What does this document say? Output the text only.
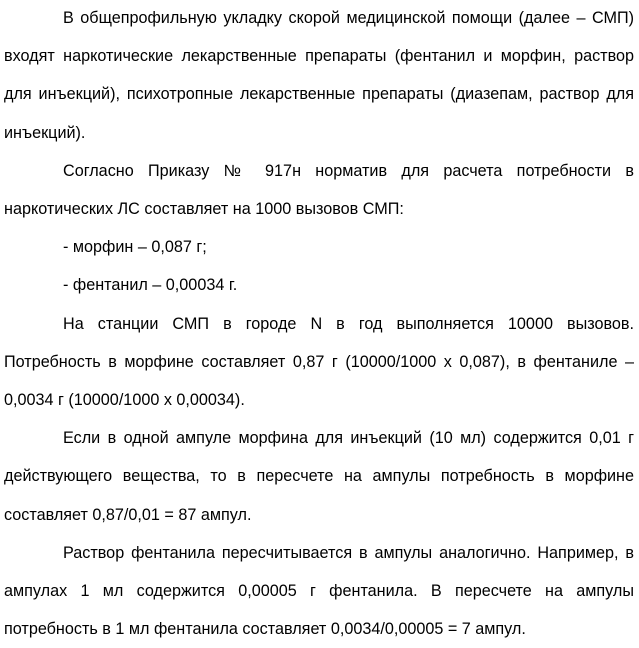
В общепрофильную укладку скорой медицинской помощи (далее – СМП) входят наркотические лекарственные препараты (фентанил и морфин, раствор для инъекций), психотропные лекарственные препараты (диазепам, раствор для инъекций).

Согласно Приказу № 917н норматив для расчета потребности в наркотических ЛС составляет на 1000 вызовов СМП:

- морфин – 0,087 г;

- фентанил – 0,00034 г.

На станции СМП в городе N в год выполняется 10000 вызовов. Потребность в морфине составляет 0,87 г (10000/1000 х 0,087), в фентаниле – 0,0034 г (10000/1000 х 0,00034).

Если в одной ампуле морфина для инъекций (10 мл) содержится 0,01 г действующего вещества, то в пересчете на ампулы потребность в морфине составляет 0,87/0,01 = 87 ампул.

Раствор фентанила пересчитывается в ампулы аналогично. Например, в ампулах 1 мл содержится 0,00005 г фентанила. В пересчете на ампулы потребность в 1 мл фентанила составляет 0,0034/0,00005 = 7 ампул.
